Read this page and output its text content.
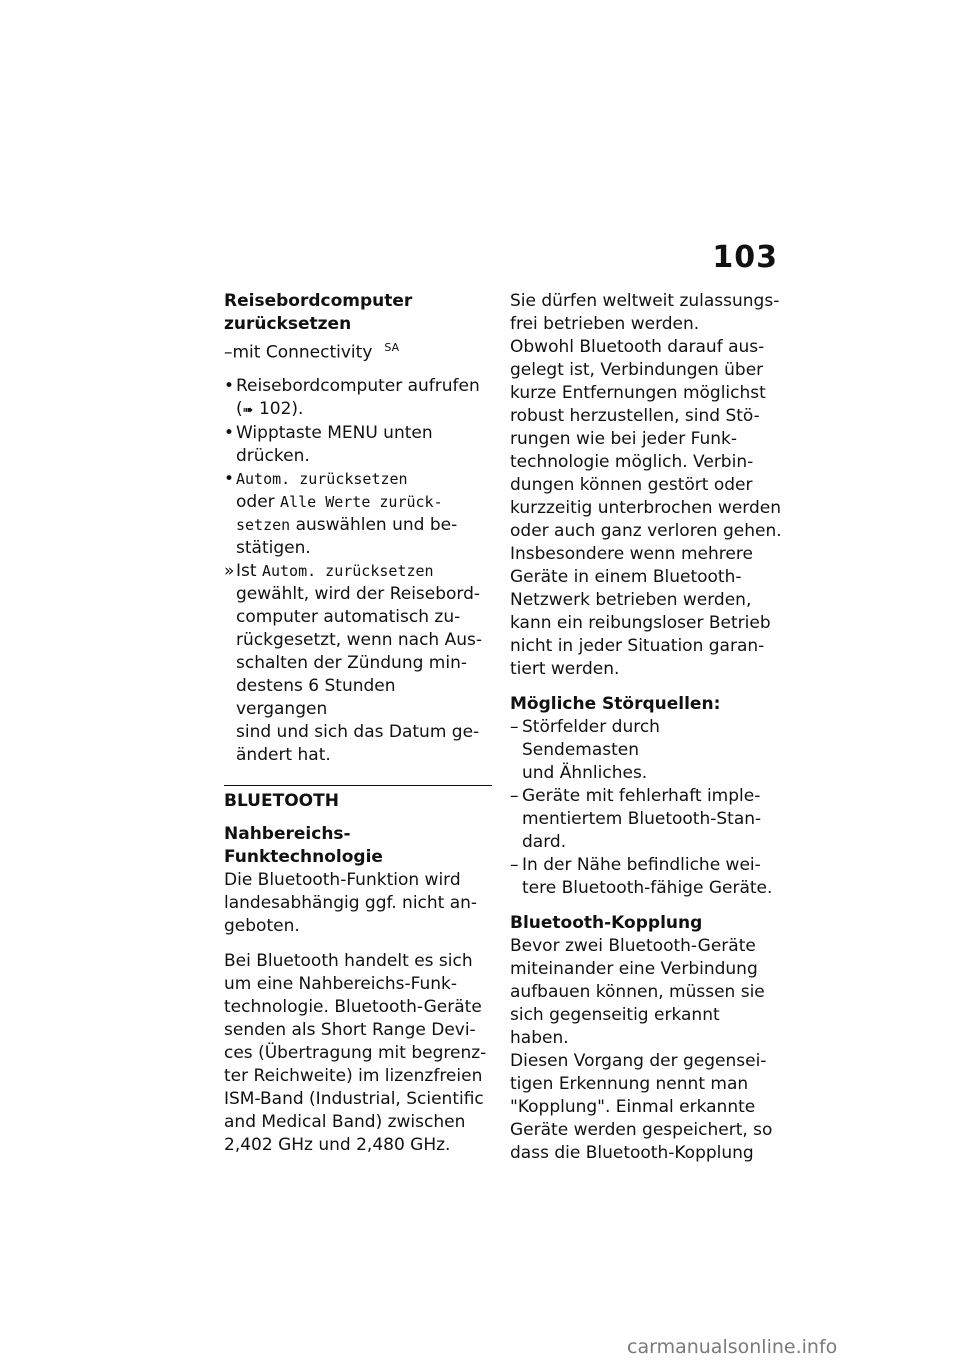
103
Reisebordcomputer
zurücksetzen
–mit Connectivity $^{SA}$
• Reisebordcomputer aufrufen
(➠ 102).
• Wipptaste MENU unten
drücken.
• Autom. zurücksetzen
oder Alle Werte zurück-
setzen auswählen und be-
stätigen.
» Ist Autom. zurücksetzen
gewählt, wird der Reisebord-
computer automatisch zu-
rückgesetzt, wenn nach Aus-
schalten der Zündung min-
destens 6 Stunden vergangen
sind und sich das Datum ge-
ändert hat.
BLUETOOTH
Nahbereichs-Funktechnologie
Die Bluetooth-Funktion wird
landesabhängig ggf. nicht an-
geboten.
Bei Bluetooth handelt es sich
um eine Nahbereichs-Funk-
technologie. Bluetooth-Geräte
senden als Short Range Devi-
ces (Übertragung mit begrenz-
ter Reichweite) im lizenzfreien
ISM-Band (Industrial, Scientific
and Medical Band) zwischen
2,402 GHz und 2,480 GHz.
Sie dürfen weltweit zulassungs-
frei betrieben werden.
Obwohl Bluetooth darauf aus-
gelegt ist, Verbindungen über
kurze Entfernungen möglichst
robust herzustellen, sind Stö-
rungen wie bei jeder Funk-
technologie möglich. Verbin-
dungen können gestört oder
kurzzeitig unterbrochen werden
oder auch ganz verloren gehen.
Insbesondere wenn mehrere
Geräte in einem Bluetooth-
Netzwerk betrieben werden,
kann ein reibungsloser Betrieb
nicht in jeder Situation garan-
tiert werden.
Mögliche Störquellen:
– Störfelder durch Sendemasten
und Ähnliches.
– Geräte mit fehlerhaft imple-
mentiertem Bluetooth-Stan-
dard.
– In der Nähe befindliche wei-
tere Bluetooth-fähige Geräte.
Bluetooth-Kopplung
Bevor zwei Bluetooth-Geräte
miteinander eine Verbindung
aufbauen können, müssen sie
sich gegenseitig erkannt haben.
Diesen Vorgang der gegensei-
tigen Erkennung nennt man
"Kopplung". Einmal erkannte
Geräte werden gespeichert, so
dass die Bluetooth-Kopplung
carmanualsonline.info
